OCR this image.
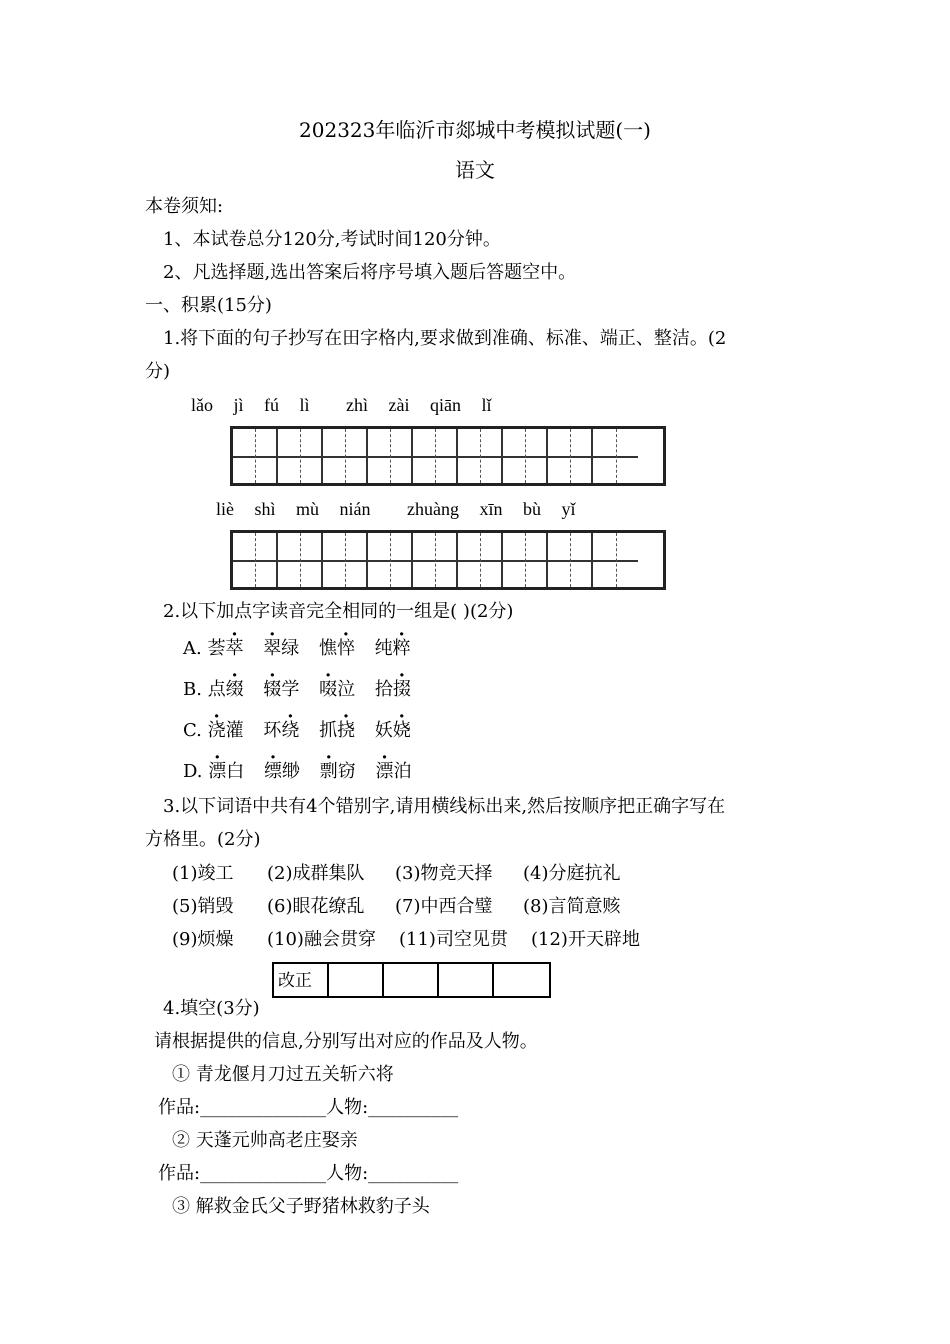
202323年临沂市郯城中考模拟试题(一)
语文
本卷须知:
1、本试卷总分120分,考试时间120分钟。
2、凡选择题,选出答案后将序号填入题后答题空中。
一、积累(15分)
1.将下面的句子抄写在田字格内,要求做到准确、标准、端正、整洁。(2
分)
lǎo jì fú lì zhì zài qiān lǐ
liè shì mù nián zhuàng xīn bù yǐ
2.以下加点字读音完全相同的一组是( )(2分)
A. 荟萃 翠绿 憔悴 纯粹
B. 点缀 辍学 啜泣 拾掇
C. 浇灌 环绕 抓挠 妖娆
D. 漂白 缥缈 剽窃 漂泊
3.以下词语中共有4个错别字,请用横线标出来,然后按顺序把正确字写在
方格里。(2分)
(1)竣工 (2)成群集队 (3)物竞天择 (4)分庭抗礼
(5)销毁 (6)眼花缭乱 (7)中西合璧 (8)言简意赅
(9)烦燥 (10)融会贯穿 (11)司空见贯 (12)开天辟地
改正
4.填空(3分)
请根据提供的信息,分别写出对应的作品及人物。
① 青龙偃月刀过五关斩六将
作品:______________人物:__________
② 天蓬元帅高老庄娶亲
作品:______________人物:__________
③ 解救金氏父子野猪林救豹子头
